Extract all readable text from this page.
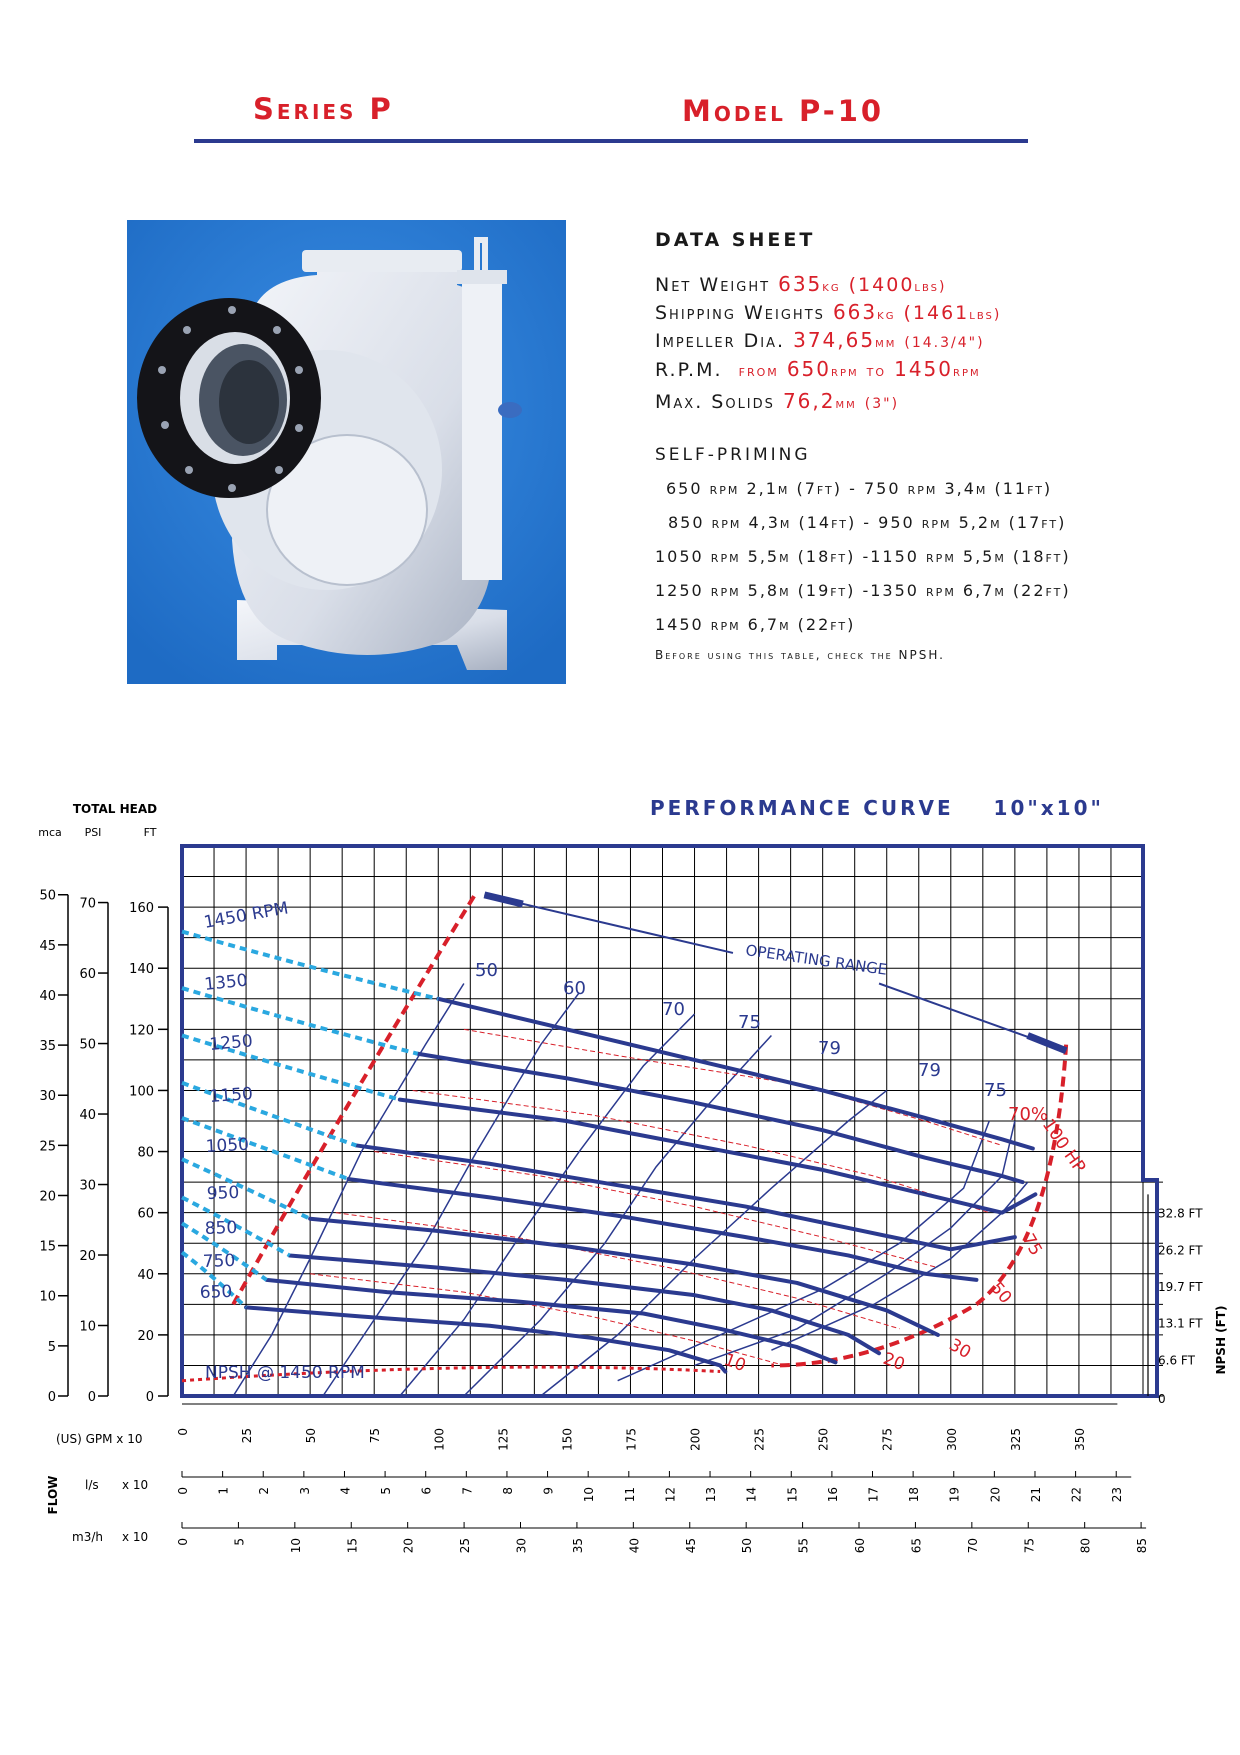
Series P	Model P-10
DATA SHEET
Net Weight 635kg (1400lbs)
Shipping Weights 663kg (1461lbs)
Impeller Dia. 374,65mm (14.3/4")
R.P.M. from 650rpm to 1450rpm
Max. Solids 76,2mm (3")
SELF-PRIMING
650 rpm 2,1m (7ft) - 750 rpm 3,4m (11ft)
850 rpm 4,3m (14ft) - 950 rpm 5,2m (17ft)
1050 rpm 5,5m (18ft) -1150 rpm 5,5m (18ft)
1250 rpm 5,8m (19ft) -1350 rpm 6,7m (22ft)
1450 rpm 6,7m (22ft)
Before using this table, check the NPSH.
PERFORMANCE CURVE 10"x10"
0
5
10
15
20
25
30
35
40
45
50
0
10
20
30
40
50
60
70
0
20
40
60
80
100
120
140
160
0
6.6 FT
13.1 FT
19.7 FT
26.2 FT
32.8 FT
NPSH (FT)
(US) GPM x 10
0	25	50	75	100	125	150	175	200	225	250	275	300	325	350
FLOW l/s x 10 0 1 2 3 4 5 6 7 8 9 10 11 12 13 14 15 16 17 18 19 20 21 22 23
m3/h x 10 0	5	10	15	20	25	30	35	40	45	50	55	60	65	70	75	80	85
TOTAL HEAD
mca PSI	FT
1450 RPM
1350
1250
1150
1050
950
850
750
650
50
60
70
75
79
79
75
70%
100 HP
75
50
30
20
10
OPERATING RANGE
NPSH @ 1450 RPM
